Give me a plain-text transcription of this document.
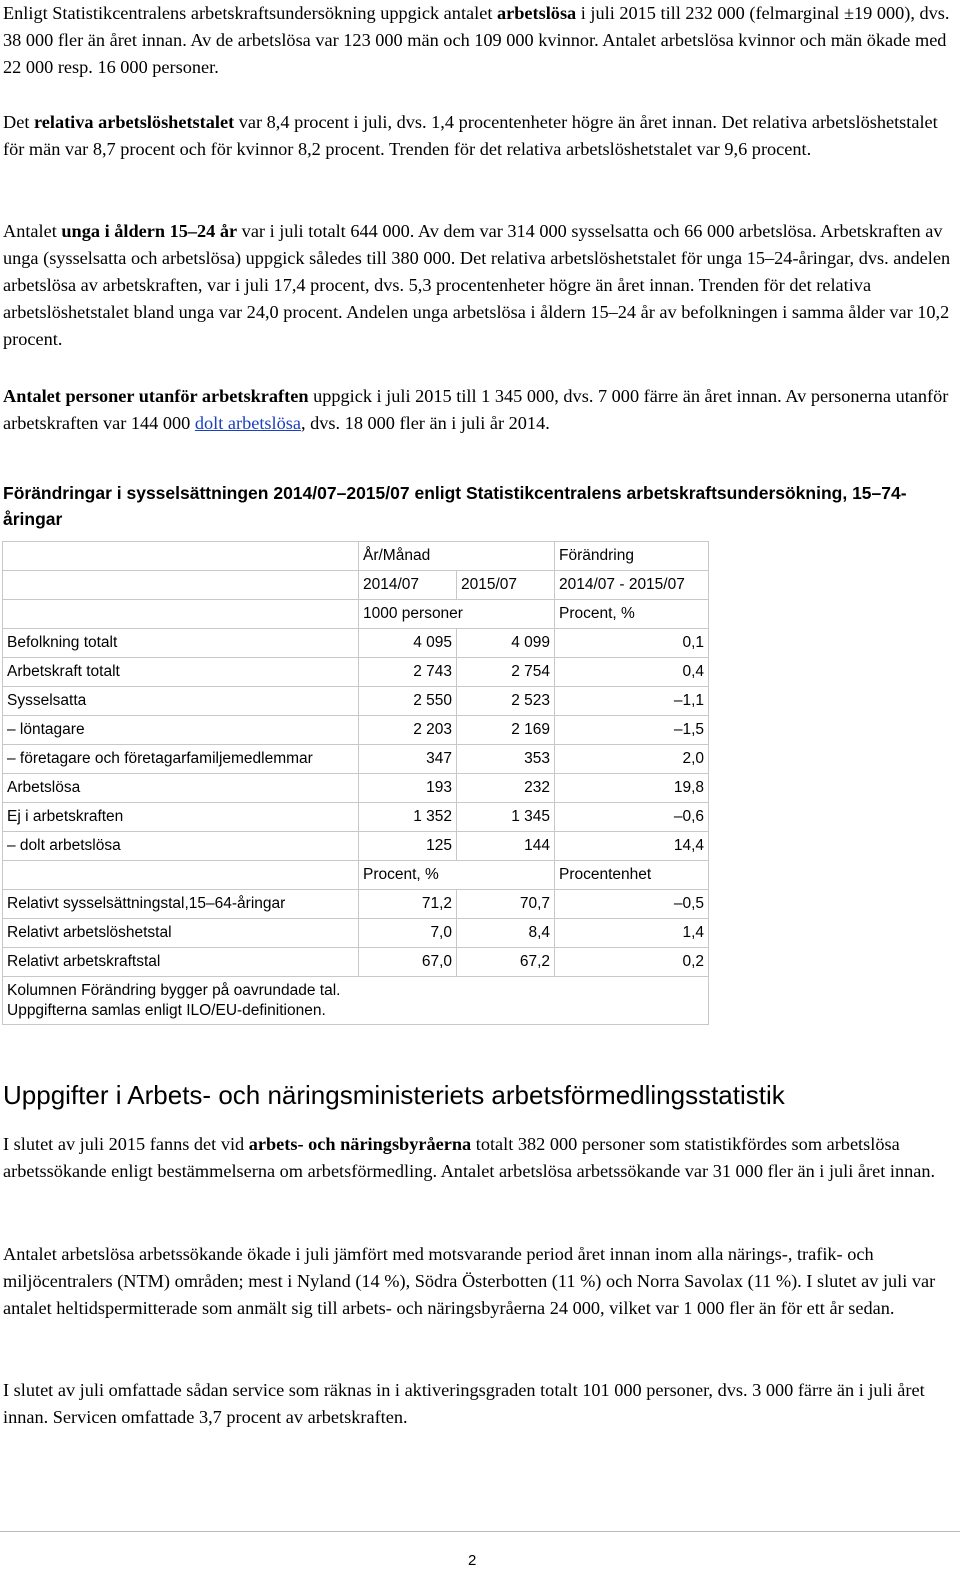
Enligt Statistikcentralens arbetskraftsundersökning uppgick antalet arbetslösa i juli 2015 till 232 000 (felmarginal ±19 000), dvs. 38 000 fler än året innan. Av de arbetslösa var 123 000 män och 109 000 kvinnor. Antalet arbetslösa kvinnor och män ökade med 22 000 resp. 16 000 personer.

Det relativa arbetslöshetstalet var 8,4 procent i juli, dvs. 1,4 procentenheter högre än året innan. Det relativa arbetslöshetstalet för män var 8,7 procent och för kvinnor 8,2 procent. Trenden för det relativa arbetslöshetstalet var 9,6 procent.

Antalet unga i åldern 15–24 år var i juli totalt 644 000. Av dem var 314 000 sysselsatta och 66 000 arbetslösa. Arbetskraften av unga (sysselsatta och arbetslösa) uppgick således till 380 000. Det relativa arbetslöshetstalet för unga 15–24-åringar, dvs. andelen arbetslösa av arbetskraften, var i juli 17,4 procent, dvs. 5,3 procentenheter högre än året innan. Trenden för det relativa arbetslöshetstalet bland unga var 24,0 procent. Andelen unga arbetslösa i åldern 15–24 år av befolkningen i samma ålder var 10,2 procent.

Antalet personer utanför arbetskraften uppgick i juli 2015 till 1 345 000, dvs. 7 000 färre än året innan. Av personerna utanför arbetskraften var 144 000 dolt arbetslösa, dvs. 18 000 fler än i juli år 2014.

Förändringar i sysselsättningen 2014/07–2015/07 enligt Statistikcentralens arbetskraftsundersökning, 15–74-åringar

	År/Månad		Förändring
	2014/07	2015/07	2014/07 - 2015/07
	1000 personer		Procent, %
Befolkning totalt	4 095	4 099	0,1
Arbetskraft totalt	2 743	2 754	0,4
Sysselsatta	2 550	2 523	–1,1
– löntagare	2 203	2 169	–1,5
– företagare och företagarfamiljemedlemmar	347	353	2,0
Arbetslösa	193	232	19,8
Ej i arbetskraften	1 352	1 345	–0,6
– dolt arbetslösa	125	144	14,4
	Procent, %		Procentenhet
Relativt sysselsättningstal,15–64-åringar	71,2	70,7	–0,5
Relativt arbetslöshetstal	7,0	8,4	1,4
Relativt arbetskraftstal	67,0	67,2	0,2
Kolumnen Förändring bygger på oavrundade tal.
Uppgifterna samlas enligt ILO/EU-definitionen.			
Uppgifter i Arbets- och näringsministeriets arbetsförmedlingsstatistik

I slutet av juli 2015 fanns det vid arbets- och näringsbyråerna totalt 382 000 personer som statistikfördes som arbetslösa arbetssökande enligt bestämmelserna om arbetsförmedling. Antalet arbetslösa arbetssökande var 31 000 fler än i juli året innan.

Antalet arbetslösa arbetssökande ökade i juli jämfört med motsvarande period året innan inom alla närings-, trafik- och miljöcentralers (NTM) områden; mest i Nyland (14 %), Södra Österbotten (11 %) och Norra Savolax (11 %). I slutet av juli var antalet heltidspermitterade som anmält sig till arbets- och näringsbyråerna 24 000, vilket var 1 000 fler än för ett år sedan.

I slutet av juli omfattade sådan service som räknas in i aktiveringsgraden totalt 101 000 personer, dvs. 3 000 färre än i juli året innan. Servicen omfattade 3,7 procent av arbetskraften.

2
